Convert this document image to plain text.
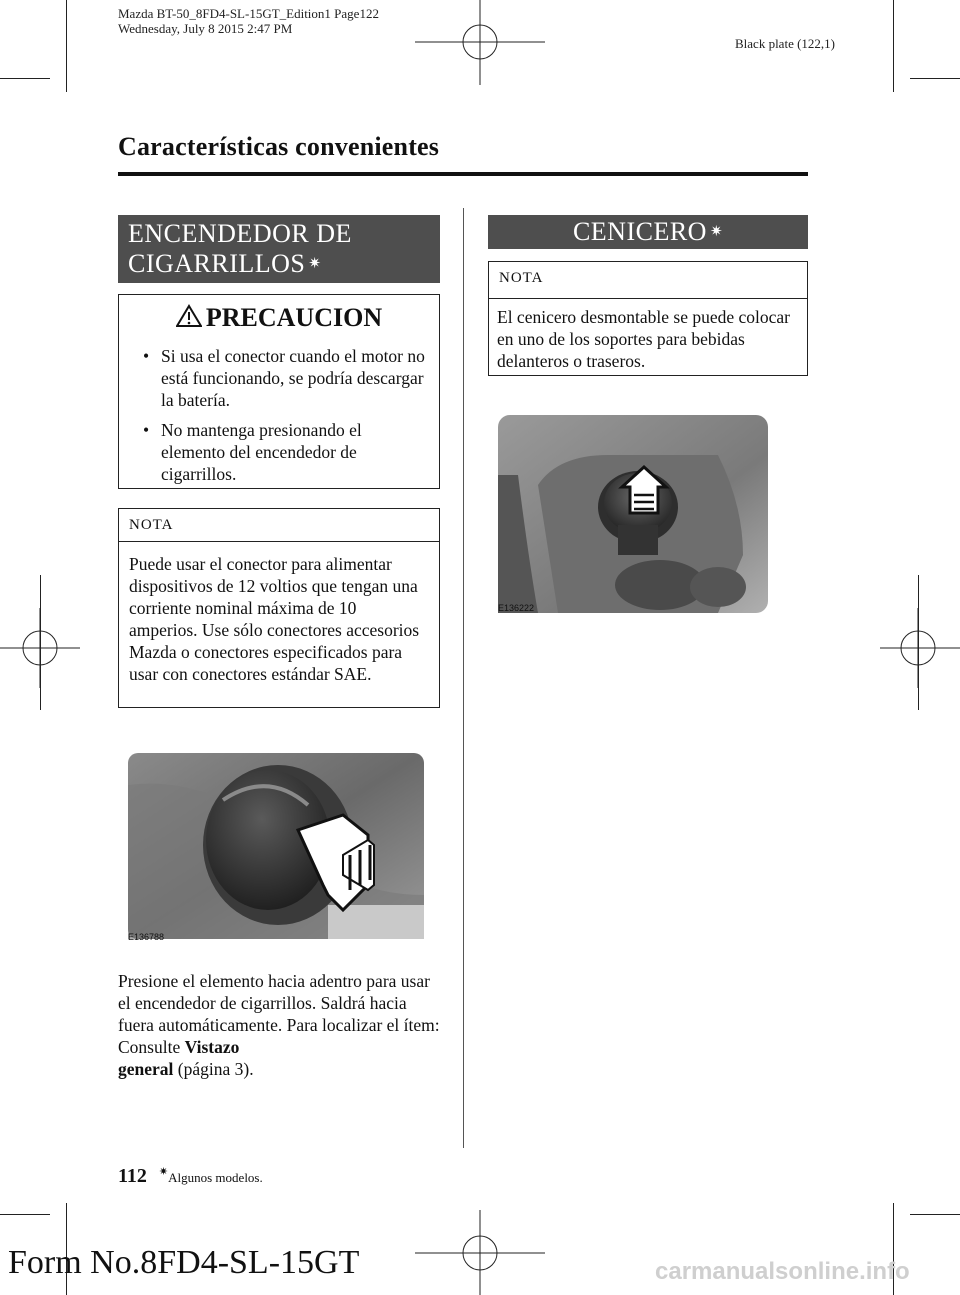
Mazda BT-50_8FD4-SL-15GT_Edition1 Page122
Wednesday, July 8 2015 2:47 PM
Black plate (122,1)
Características convenientes
ENCENDEDOR DE
CIGARRILLOS ✷
PRECAUCION
• Si usa el conector cuando el motor no está funcionando, se podría descargar la batería.
• No mantenga presionando el elemento del encendedor de cigarrillos.
NOTA
Puede usar el conector para alimentar dispositivos de 12 voltios que tengan una corriente nominal máxima de 10 amperios. Use sólo conectores accesorios Mazda o conectores especificados para usar con conectores estándar SAE.
E136788
Presione el elemento hacia adentro para usar el encendedor de cigarrillos. Saldrá hacia fuera automáticamente. Para localizar el ítem: Consulte Vistazo
general (página 3).
CENICERO ✷
NOTA
El cenicero desmontable se puede colocar en uno de los soportes para bebidas delanteros o traseros.
E136222
112 ✷Algunos modelos.
Form No.8FD4-SL-15GT	carmanualsonline.info
